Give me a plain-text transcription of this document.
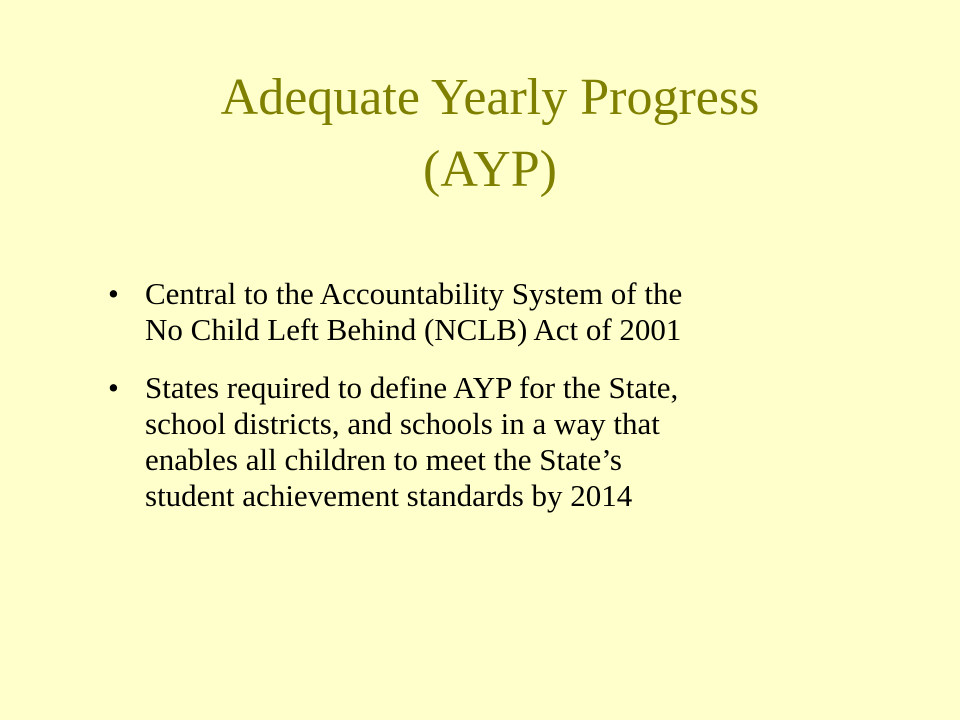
Adequate Yearly Progress
(AYP)
• Central to the Accountability System of the
No Child Left Behind (NCLB) Act of 2001
• States required to define AYP for the State,
school districts, and schools in a way that
enables all children to meet the State’s
student achievement standards by 2014
